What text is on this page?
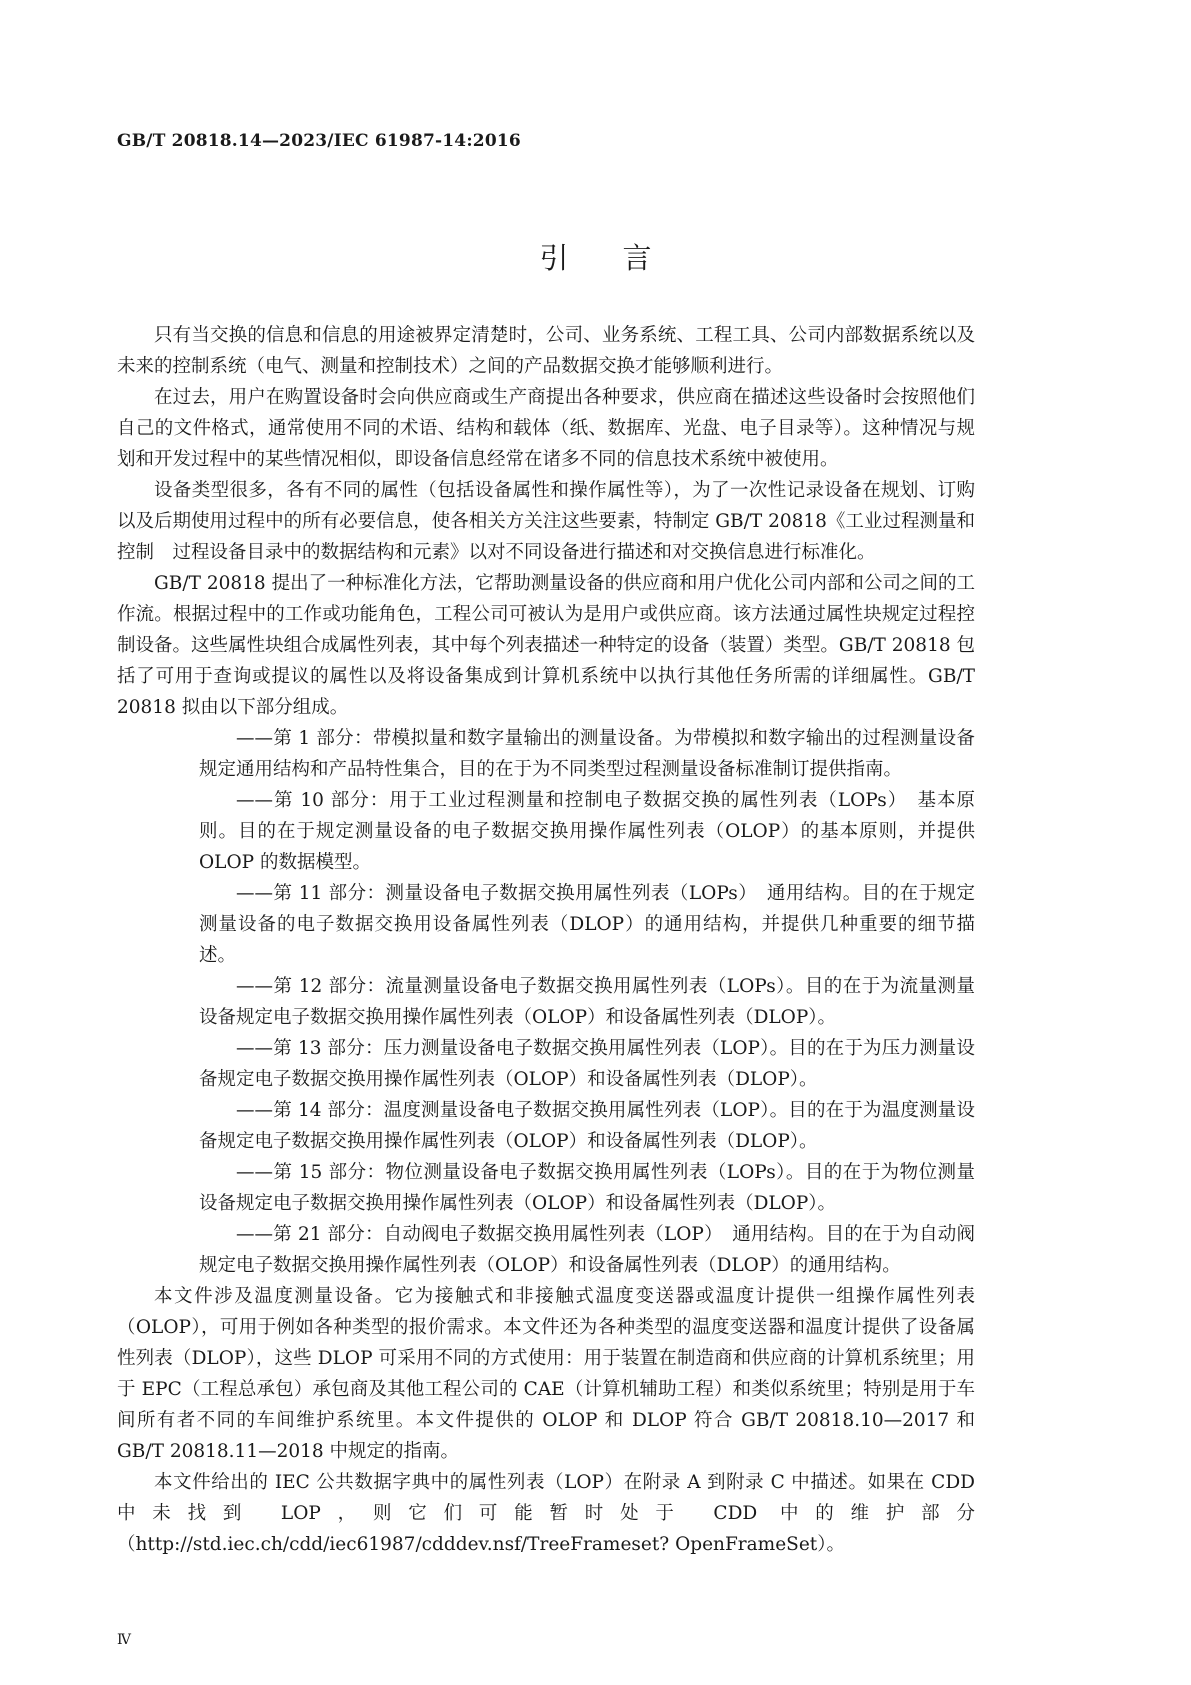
GB/T 20818.14—2023/IEC 61987-14:2016
引言

只有当交换的信息和信息的用途被界定清楚时，公司、业务系统、工程工具、公司内部数据系统以及未来的控制系统（电气、测量和控制技术）之间的产品数据交换才能够顺利进行。

在过去，用户在购置设备时会向供应商或生产商提出各种要求，供应商在描述这些设备时会按照他们自己的文件格式，通常使用不同的术语、结构和载体（纸、数据库、光盘、电子目录等）。这种情况与规划和开发过程中的某些情况相似，即设备信息经常在诸多不同的信息技术系统中被使用。

设备类型很多，各有不同的属性（包括设备属性和操作属性等），为了一次性记录设备在规划、订购以及后期使用过程中的所有必要信息，使各相关方关注这些要素，特制定 GB/T 20818《工业过程测量和控制　过程设备目录中的数据结构和元素》以对不同设备进行描述和对交换信息进行标准化。

GB/T 20818 提出了一种标准化方法，它帮助测量设备的供应商和用户优化公司内部和公司之间的工作流。根据过程中的工作或功能角色，工程公司可被认为是用户或供应商。该方法通过属性块规定过程控制设备。这些属性块组合成属性列表，其中每个列表描述一种特定的设备（装置）类型。GB/T 20818 包括了可用于查询或提议的属性以及将设备集成到计算机系统中以执行其他任务所需的详细属性。GB/T 20818 拟由以下部分组成。

——第 1 部分：带模拟量和数字量输出的测量设备。为带模拟和数字输出的过程测量设备规定通用结构和产品特性集合，目的在于为不同类型过程测量设备标准制订提供指南。

——第 10 部分：用于工业过程测量和控制电子数据交换的属性列表（LOPs）　基本原则。目的在于规定测量设备的电子数据交换用操作属性列表（OLOP）的基本原则，并提供 OLOP 的数据模型。

——第 11 部分：测量设备电子数据交换用属性列表（LOPs）　通用结构。目的在于规定测量设备的电子数据交换用设备属性列表（DLOP）的通用结构，并提供几种重要的细节描述。

——第 12 部分：流量测量设备电子数据交换用属性列表（LOPs）。目的在于为流量测量设备规定电子数据交换用操作属性列表（OLOP）和设备属性列表（DLOP）。

——第 13 部分：压力测量设备电子数据交换用属性列表（LOP）。目的在于为压力测量设备规定电子数据交换用操作属性列表（OLOP）和设备属性列表（DLOP）。

——第 14 部分：温度测量设备电子数据交换用属性列表（LOP）。目的在于为温度测量设备规定电子数据交换用操作属性列表（OLOP）和设备属性列表（DLOP）。

——第 15 部分：物位测量设备电子数据交换用属性列表（LOPs）。目的在于为物位测量设备规定电子数据交换用操作属性列表（OLOP）和设备属性列表（DLOP）。

——第 21 部分：自动阀电子数据交换用属性列表（LOP）　通用结构。目的在于为自动阀规定电子数据交换用操作属性列表（OLOP）和设备属性列表（DLOP）的通用结构。

本文件涉及温度测量设备。它为接触式和非接触式温度变送器或温度计提供一组操作属性列表（OLOP），可用于例如各种类型的报价需求。本文件还为各种类型的温度变送器和温度计提供了设备属性列表（DLOP），这些 DLOP 可采用不同的方式使用：用于装置在制造商和供应商的计算机系统里；用于 EPC（工程总承包）承包商及其他工程公司的 CAE（计算机辅助工程）和类似系统里；特别是用于车间所有者不同的车间维护系统里。本文件提供的 OLOP 和 DLOP 符合 GB/T 20818.10—2017 和 GB/T 20818.11—2018 中规定的指南。

本文件给出的 IEC 公共数据字典中的属性列表（LOP）在附录 A 到附录 C 中描述。如果在 CDD 中未找到 LOP，则它们可能暂时处于 CDD 中的维护部分（http://std.iec.ch/cdd/iec61987/cdddev.nsf/TreeFrameset? OpenFrameSet）。

Ⅳ
